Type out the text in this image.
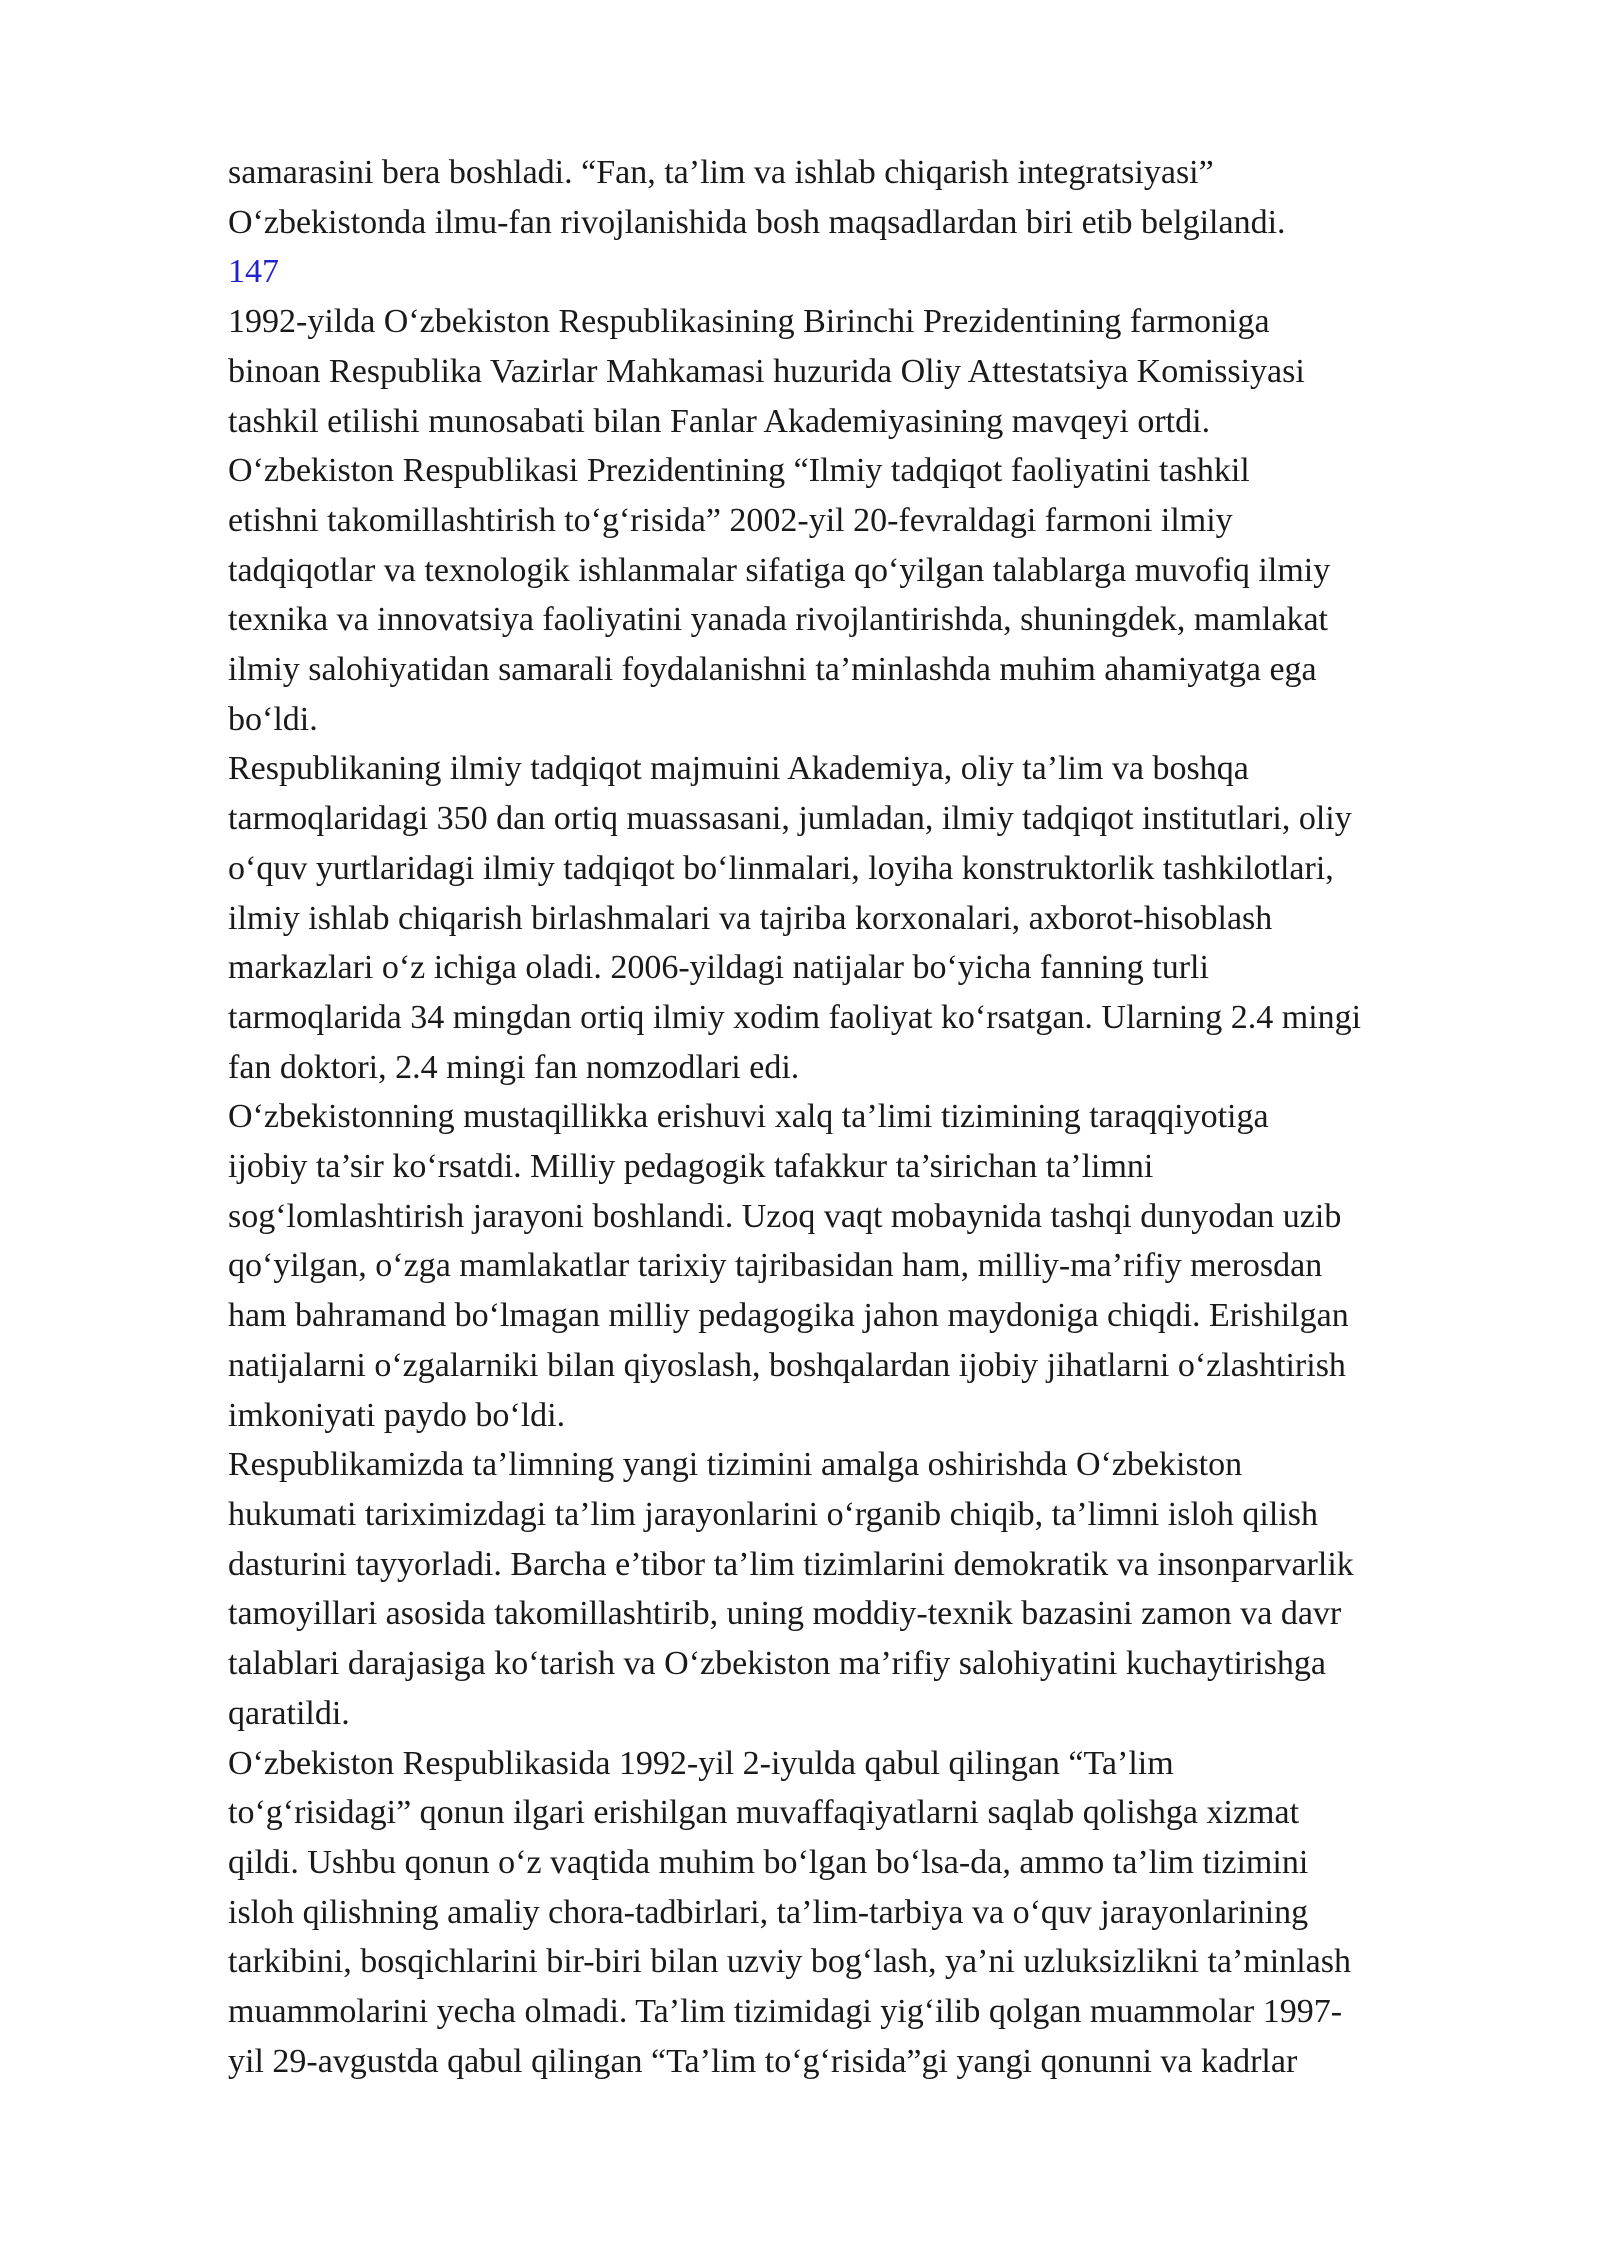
samarasini bera boshladi. “Fan, ta’lim va ishlab chiqarish integratsiyasi”
O‘zbekistonda ilmu-fan rivojlanishida bosh maqsadlardan biri etib belgilandi.
147
1992-yilda O‘zbekiston Respublikasining Birinchi Prezidentining farmoniga
binoan Respublika Vazirlar Mahkamasi huzurida Oliy Attestatsiya Komissiyasi
tashkil etilishi munosabati bilan Fanlar Akademiyasining mavqeyi ortdi.
O‘zbekiston Respublikasi Prezidentining “Ilmiy tadqiqot faoliyatini tashkil
etishni takomillashtirish to‘g‘risida” 2002-yil 20-fevraldagi farmoni ilmiy
tadqiqotlar va texnologik ishlanmalar sifatiga qo‘yilgan talablarga muvofiq ilmiy
texnika va innovatsiya faoliyatini yanada rivojlantirishda, shuningdek, mamlakat
ilmiy salohiyatidan samarali foydalanishni ta’minlashda muhim ahamiyatga ega
bo‘ldi.
Respublikaning ilmiy tadqiqot majmuini Akademiya, oliy ta’lim va boshqa
tarmoqlaridagi 350 dan ortiq muassasani, jumladan, ilmiy tadqiqot institutlari, oliy
o‘quv yurtlaridagi ilmiy tadqiqot bo‘linmalari, loyiha konstruktorlik tashkilotlari,
ilmiy ishlab chiqarish birlashmalari va tajriba korxonalari, axborot-hisoblash
markazlari o‘z ichiga oladi. 2006-yildagi natijalar bo‘yicha fanning turli
tarmoqlarida 34 mingdan ortiq ilmiy xodim faoliyat ko‘rsatgan. Ularning 2.4 mingi
fan doktori, 2.4 mingi fan nomzodlari edi.
O‘zbekistonning mustaqillikka erishuvi xalq ta’limi tizimining taraqqiyotiga
ijobiy ta’sir ko‘rsatdi. Milliy pedagogik tafakkur ta’sirichan ta’limni
sog‘lomlashtirish jarayoni boshlandi. Uzoq vaqt mobaynida tashqi dunyodan uzib
qo‘yilgan, o‘zga mamlakatlar tarixiy tajribasidan ham, milliy-ma’rifiy merosdan
ham bahramand bo‘lmagan milliy pedagogika jahon maydoniga chiqdi. Erishilgan
natijalarni o‘zgalarniki bilan qiyoslash, boshqalardan ijobiy jihatlarni o‘zlashtirish
imkoniyati paydo bo‘ldi.
Respublikamizda ta’limning yangi tizimini amalga oshirishda O‘zbekiston
hukumati tariximizdagi ta’lim jarayonlarini o‘rganib chiqib, ta’limni isloh qilish
dasturini tayyorladi. Barcha e’tibor ta’lim tizimlarini demokratik va insonparvarlik
tamoyillari asosida takomillashtirib, uning moddiy-texnik bazasini zamon va davr
talablari darajasiga ko‘tarish va O‘zbekiston ma’rifiy salohiyatini kuchaytirishga
qaratildi.
O‘zbekiston Respublikasida 1992-yil 2-iyulda qabul qilingan “Ta’lim
to‘g‘risidagi” qonun ilgari erishilgan muvaffaqiyatlarni saqlab qolishga xizmat
qildi. Ushbu qonun o‘z vaqtida muhim bo‘lgan bo‘lsa-da, ammo ta’lim tizimini
isloh qilishning amaliy chora-tadbirlari, ta’lim-tarbiya va o‘quv jarayonlarining
tarkibini, bosqichlarini bir-biri bilan uzviy bog‘lash, ya’ni uzluksizlikni ta’minlash
muammolarini yecha olmadi. Ta’lim tizimidagi yig‘ilib qolgan muammolar 1997-
yil 29-avgustda qabul qilingan “Ta’lim to‘g‘risida”gi yangi qonunni va kadrlar
